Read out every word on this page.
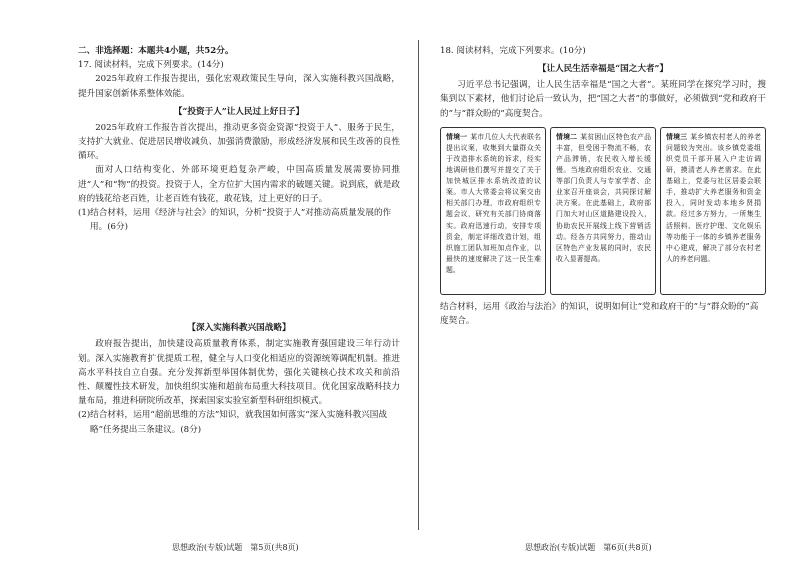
二、非选择题：本题共4小题，共52分。

17. 阅读材料，完成下列要求。(14分)

2025年政府工作报告提出，强化宏观政策民生导向，深入实施科教兴国战略，提升国家创新体系整体效能。

【“投资于人”让人民过上好日子】

2025年政府工作报告首次提出，推动更多资金资源“投资于人”、服务于民生，支持扩大就业、促进居民增收减负、加强消费激励，形成经济发展和民生改善的良性循环。

面对人口结构变化、外部环境更趋复杂严峻，中国高质量发展需要协同推进“人”和“物”的投资。投资于人，全方位扩大国内需求的破题关键。说到底，就是政府的钱花给老百姓，让老百姓有钱花，敢花钱，过上更好的日子。

(1)结合材料，运用《经济与社会》的知识，分析“投资于人”对推动高质量发展的作用。(6分)

【深入实施科教兴国战略】

政府报告提出，加快建设高质量教育体系，制定实施教育强国建设三年行动计划。深入实施教育扩优提质工程，健全与人口变化相适应的资源统筹调配机制。推进高水平科技自立自强。充分发挥新型举国体制优势，强化关键核心技术攻关和前沿性、颠覆性技术研发，加快组织实施和超前布局重大科技项目。优化国家战略科技力量布局，推进科研院所改革，探索国家实验室新型科研组织模式。

(2)结合材料，运用“超前思维的方法”知识，就我国如何落实“深入实施科教兴国战略”任务提出三条建议。(8分)

18. 阅读材料，完成下列要求。(10分)

【让人民生活幸福是“国之大者”】

习近平总书记强调，让人民生活幸福是“国之大者”。某班同学在探究学习时，搜集到以下素材，他们讨论后一致认为，把“国之大者”的事做好，必须做到“党和政府干的”与“群众盼的”高度契合。

情境一 某市几位人大代表联名提出议案，收集到大量群众关于改造排水系统的诉求，经实地调研他们撰写并提交了关于加快城区排水系统改造的议案。市人大常委会将议案交由相关部门办理，市政府组织专题会议，研究有关部门协商落实。政府迅速行动，安排专项资金，制定详细改造计划，组织施工团队加班加点作业，以最快的速度解决了这一民生难题。
情境二 某贫困山区特色农产品丰富，但受困于物流不畅，农产品滞销，农民收入增长缓慢。当地政府组织农业、交通等部门负责人与专家学者、企业家召开座谈会，共同探讨解决方案。在此基础上，政府部门加大对山区道路建设投入，协助农民开展线上线下营销活动。经各方共同努力，推动山区特色产业发展的同时，农民收入显著提高。
情境三 某乡镇农村老人的养老问题较为突出。该乡镇党委组织党员干部开展入户走访调研，摸清老人养老需求。在此基础上，党委与社区居委会联手，推动扩大养老服务和资金投入，同时发动本地乡贤捐款。经过多方努力，一所集生活照料、医疗护理、文化娱乐等功能于一体的乡镇养老服务中心建成，解决了部分农村老人的养老问题。

结合材料，运用《政治与法治》的知识，说明如何让“党和政府干的”与“群众盼的”高度契合。

思想政治(专版)试题　第5页(共8页)	思想政治(专版)试题　第6页(共8页)
